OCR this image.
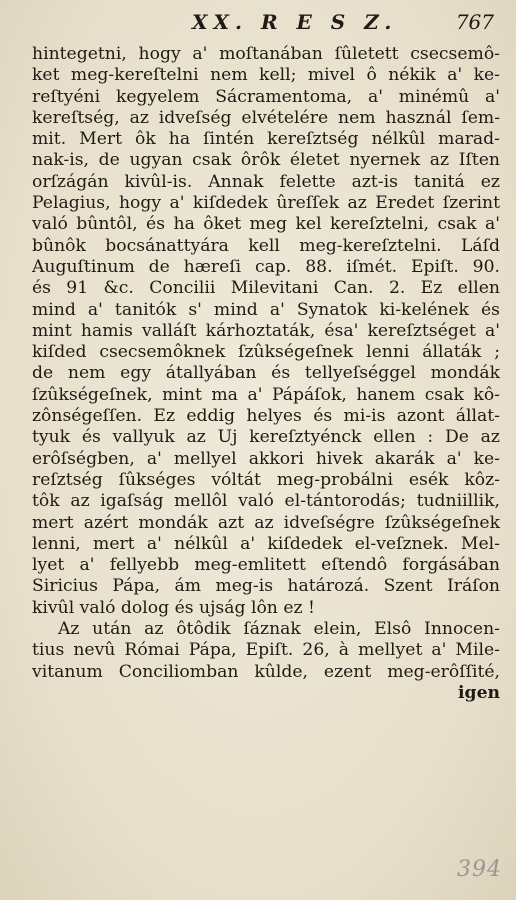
XX. R E S Z.	767
hintegetni, hogy a' moſtanában ſûletett csecsemô-
ket meg-kereſtelni nem kell; mivel ô nékik a' ke-
reſtyéni kegyelem Sácramentoma, a' minémû a'
kereſtség, az idveſség elvételére nem használ ſem-
mit. Mert ôk ha ſintén kereſztség nélkûl marad-
nak-is, de ugyan csak ôrôk életet nyernek az Iſten
orſzágán kivûl-is. Annak felette azt-is tanitá ez
Pelagius, hogy a' kiſdedek ûreſſek az Eredet ſzerint
való bûntôl, és ha ôket meg kel kereſztelni, csak a'
bûnôk bocsánattyára kell meg-kereſztelni. Láſd
Auguſtinum de hæreſi cap. 88. iſmét. Epiſt. 90.
és 91 &c. Concilii Milevitani Can. 2. Ez ellen
mind a' tanitók s' mind a' Synatok ki-kelének és
mint hamis valláſt kárhoztaták, ésa' kereſztséget a'
kiſded csecsemôknek ſzûkségeſnek lenni állaták ;
de nem egy átallyában és tellyeſséggel mondák
ſzûkségeſnek, mint ma a' Pápáſok, hanem csak kô-
zônségeſſen. Ez eddig helyes és mi-is azont állat-
tyuk és vallyuk az Uj kereſztyénck ellen : De az
erôſségben, a' mellyel akkori hivek akarák a' ke-
reſztség ſûkséges vóltát meg-probálni esék kôz-
tôk az igaſság mellôl való el-tántorodás; tudniillik,
mert azért mondák azt az idveſségre ſzûkségeſnek
lenni, mert a' nélkûl a' kiſdedek el-veſznek. Mel-
lyet a' fellyebb meg-emlitett eſtendô forgásában
Siricius Pápa, ám meg-is határozá. Szent Iráſon
kivûl való dolog és ujság lôn ez !
Az után az ôtôdik ſáznak elein, Elsô Innocen-
tius nevû Római Pápa, Epiſt. 26, à mellyet a' Mile-
vitanum Conciliomban kûlde, ezent meg-erôſſité,
igen
394
